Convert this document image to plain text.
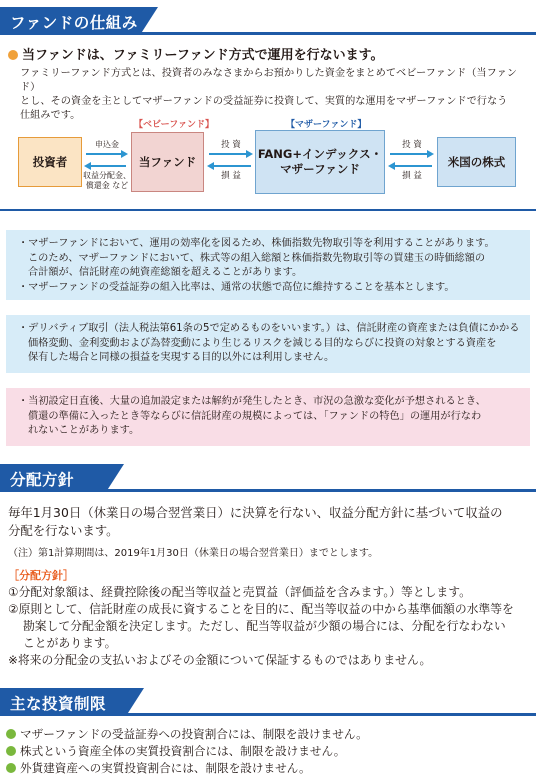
ファンドの仕組み
当ファンドは、ファミリーファンド方式で運用を行ないます。
ファミリーファンド方式とは、投資者のみなさまからお預かりした資金をまとめてベビーファンド（当ファンド）
とし、その資金を主としてマザーファンドの受益証券に投資して、実質的な運用をマザーファンドで行なう
仕組みです。
投資者
【ベビーファンド】
当ファンド
【マザーファンド】
FANG+インデックス・
マザーファンド
米国の株式
申込金
収益分配金、
償還金 など
投 資
損 益
投 資
損 益
・マザーファンドにおいて、運用の効率化を図るため、株価指数先物取引等を利用することがあります。
このため、マザーファンドにおいて、株式等の組入総額と株価指数先物取引等の買建玉の時価総額の
合計額が、信託財産の純資産総額を超えることがあります。
・マザーファンドの受益証券の組入比率は、通常の状態で高位に維持することを基本とします。
・デリバティブ取引（法人税法第61条の5で定めるものをいいます。）は、信託財産の資産または負債にかかる
価格変動、金利変動および為替変動により生じるリスクを減じる目的ならびに投資の対象とする資産を
保有した場合と同様の損益を実現する目的以外には利用しません。
・当初設定日直後、大量の追加設定または解約が発生したとき、市況の急激な変化が予想されるとき、
償還の準備に入ったとき等ならびに信託財産の規模によっては、「ファンドの特色」の運用が行なわ
れないことがあります。
分配方針
毎年1月30日（休業日の場合翌営業日）に決算を行ない、収益分配方針に基づいて収益の
分配を行ないます。
（注）第1計算期間は、2019年1月30日（休業日の場合翌営業日）までとします。
［分配方針］
①分配対象額は、経費控除後の配当等収益と売買益（評価益を含みます。）等とします。
②原則として、信託財産の成長に資することを目的に、配当等収益の中から基準価額の水準等を
勘案して分配金額を決定します。ただし、配当等収益が少額の場合には、分配を行なわない
ことがあります。
※将来の分配金の支払いおよびその金額について保証するものではありません。
主な投資制限
マザーファンドの受益証券への投資割合には、制限を設けません。
株式という資産全体の実質投資割合には、制限を設けません。
外貨建資産への実質投資割合には、制限を設けません。
